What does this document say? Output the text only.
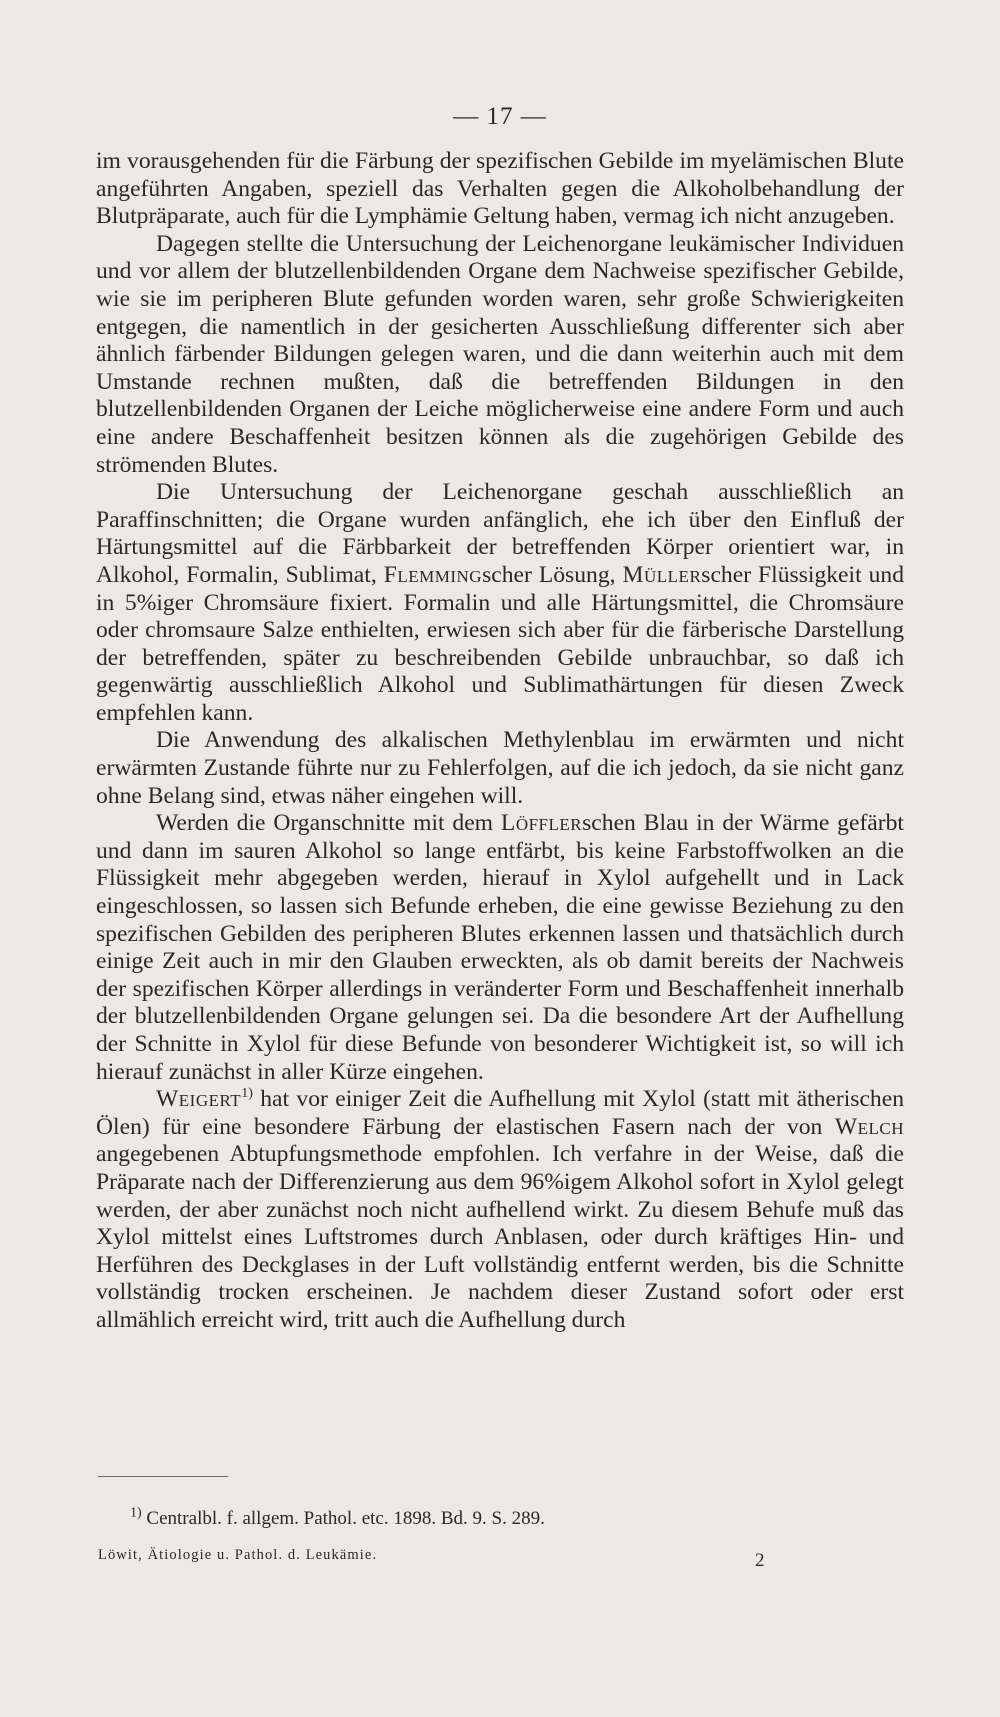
— 17 —

im vorausgehenden für die Färbung der spezifischen Gebilde im myelämischen Blute angeführten Angaben, speziell das Verhalten gegen die Alkoholbehandlung der Blutpräparate, auch für die Lymphämie Geltung haben, vermag ich nicht anzugeben.

Dagegen stellte die Untersuchung der Leichenorgane leukämischer Individuen und vor allem der blutzellenbildenden Organe dem Nachweise spezifischer Gebilde, wie sie im peripheren Blute gefunden worden waren, sehr große Schwierigkeiten entgegen, die namentlich in der gesicherten Ausschließung differenter sich aber ähnlich färbender Bildungen gelegen waren, und die dann weiterhin auch mit dem Umstande rechnen mußten, daß die betreffenden Bildungen in den blutzellenbildenden Organen der Leiche möglicherweise eine andere Form und auch eine andere Beschaffenheit besitzen können als die zugehörigen Gebilde des strömenden Blutes.

Die Untersuchung der Leichenorgane geschah ausschließlich an Paraffinschnitten; die Organe wurden anfänglich, ehe ich über den Einfluß der Härtungsmittel auf die Färbbarkeit der betreffenden Körper orientiert war, in Alkohol, Formalin, Sublimat, Flemmingscher Lösung, Müllerscher Flüssigkeit und in 5%iger Chromsäure fixiert. Formalin und alle Härtungsmittel, die Chromsäure oder chromsaure Salze enthielten, erwiesen sich aber für die färberische Darstellung der betreffenden, später zu beschreibenden Gebilde unbrauchbar, so daß ich gegenwärtig ausschließlich Alkohol und Sublimathärtungen für diesen Zweck empfehlen kann.

Die Anwendung des alkalischen Methylenblau im erwärmten und nicht erwärmten Zustande führte nur zu Fehlerfolgen, auf die ich jedoch, da sie nicht ganz ohne Belang sind, etwas näher eingehen will.

Werden die Organschnitte mit dem Löfflerschen Blau in der Wärme gefärbt und dann im sauren Alkohol so lange entfärbt, bis keine Farbstoffwolken an die Flüssigkeit mehr abgegeben werden, hierauf in Xylol aufgehellt und in Lack eingeschlossen, so lassen sich Befunde erheben, die eine gewisse Beziehung zu den spezifischen Gebilden des peripheren Blutes erkennen lassen und thatsächlich durch einige Zeit auch in mir den Glauben erweckten, als ob damit bereits der Nachweis der spezifischen Körper allerdings in veränderter Form und Beschaffenheit innerhalb der blutzellenbildenden Organe gelungen sei. Da die besondere Art der Aufhellung der Schnitte in Xylol für diese Befunde von besonderer Wichtigkeit ist, so will ich hierauf zunächst in aller Kürze eingehen.

Weigert$^{1)}$ hat vor einiger Zeit die Aufhellung mit Xylol (statt mit ätherischen Ölen) für eine besondere Färbung der elastischen Fasern nach der von Welch angegebenen Abtupfungsmethode empfohlen. Ich verfahre in der Weise, daß die Präparate nach der Differenzierung aus dem 96%igem Alkohol sofort in Xylol gelegt werden, der aber zunächst noch nicht aufhellend wirkt. Zu diesem Behufe muß das Xylol mittelst eines Luftstromes durch Anblasen, oder durch kräftiges Hin- und Herführen des Deckglases in der Luft vollständig entfernt werden, bis die Schnitte vollständig trocken erscheinen. Je nachdem dieser Zustand sofort oder erst allmählich erreicht wird, tritt auch die Aufhellung durch

$^{1)}$ Centralbl. f. allgem. Pathol. etc. 1898. Bd. 9. S. 289.
Löwit, Ätiologie u. Pathol. d. Leukämie.	2
